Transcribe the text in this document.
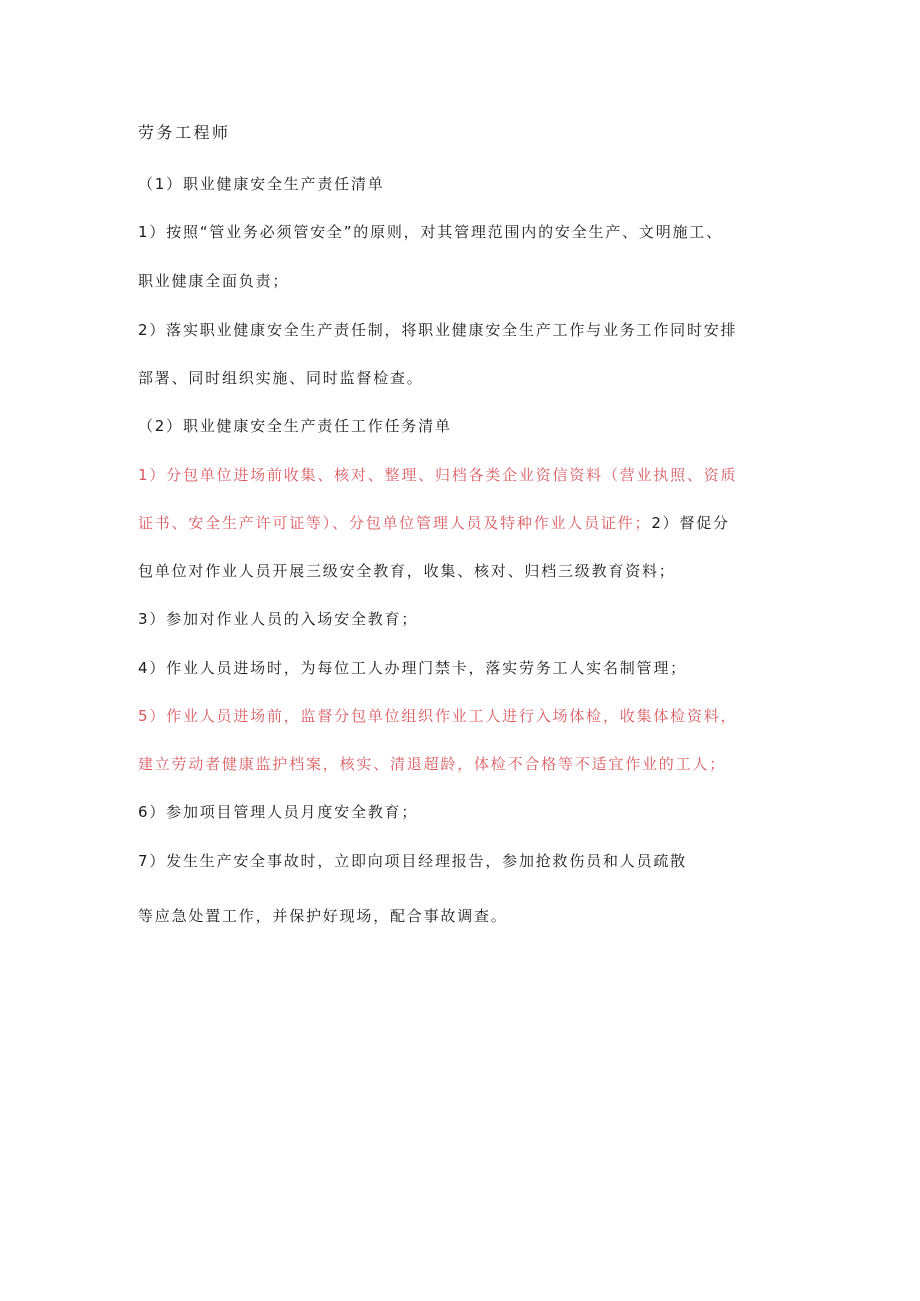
劳务工程师
（1）职业健康安全生产责任清单
1）按照“管业务必须管安全”的原则，对其管理范围内的安全生产、文明施工、
职业健康全面负责；
2）落实职业健康安全生产责任制，将职业健康安全生产工作与业务工作同时安排
部署、同时组织实施、同时监督检查。
（2）职业健康安全生产责任工作任务清单
1）分包单位进场前收集、核对、整理、归档各类企业资信资料（营业执照、资质
证书、安全生产许可证等）、分包单位管理人员及特种作业人员证件；2）督促分
包单位对作业人员开展三级安全教育，收集、核对、归档三级教育资料；
3）参加对作业人员的入场安全教育；
4）作业人员进场时，为每位工人办理门禁卡，落实劳务工人实名制管理；
5）作业人员进场前，监督分包单位组织作业工人进行入场体检，收集体检资料，
建立劳动者健康监护档案，核实、清退超龄，体检不合格等不适宜作业的工人；
6）参加项目管理人员月度安全教育；
7）发生生产安全事故时，立即向项目经理报告，参加抢救伤员和人员疏散
等应急处置工作，并保护好现场，配合事故调查。
